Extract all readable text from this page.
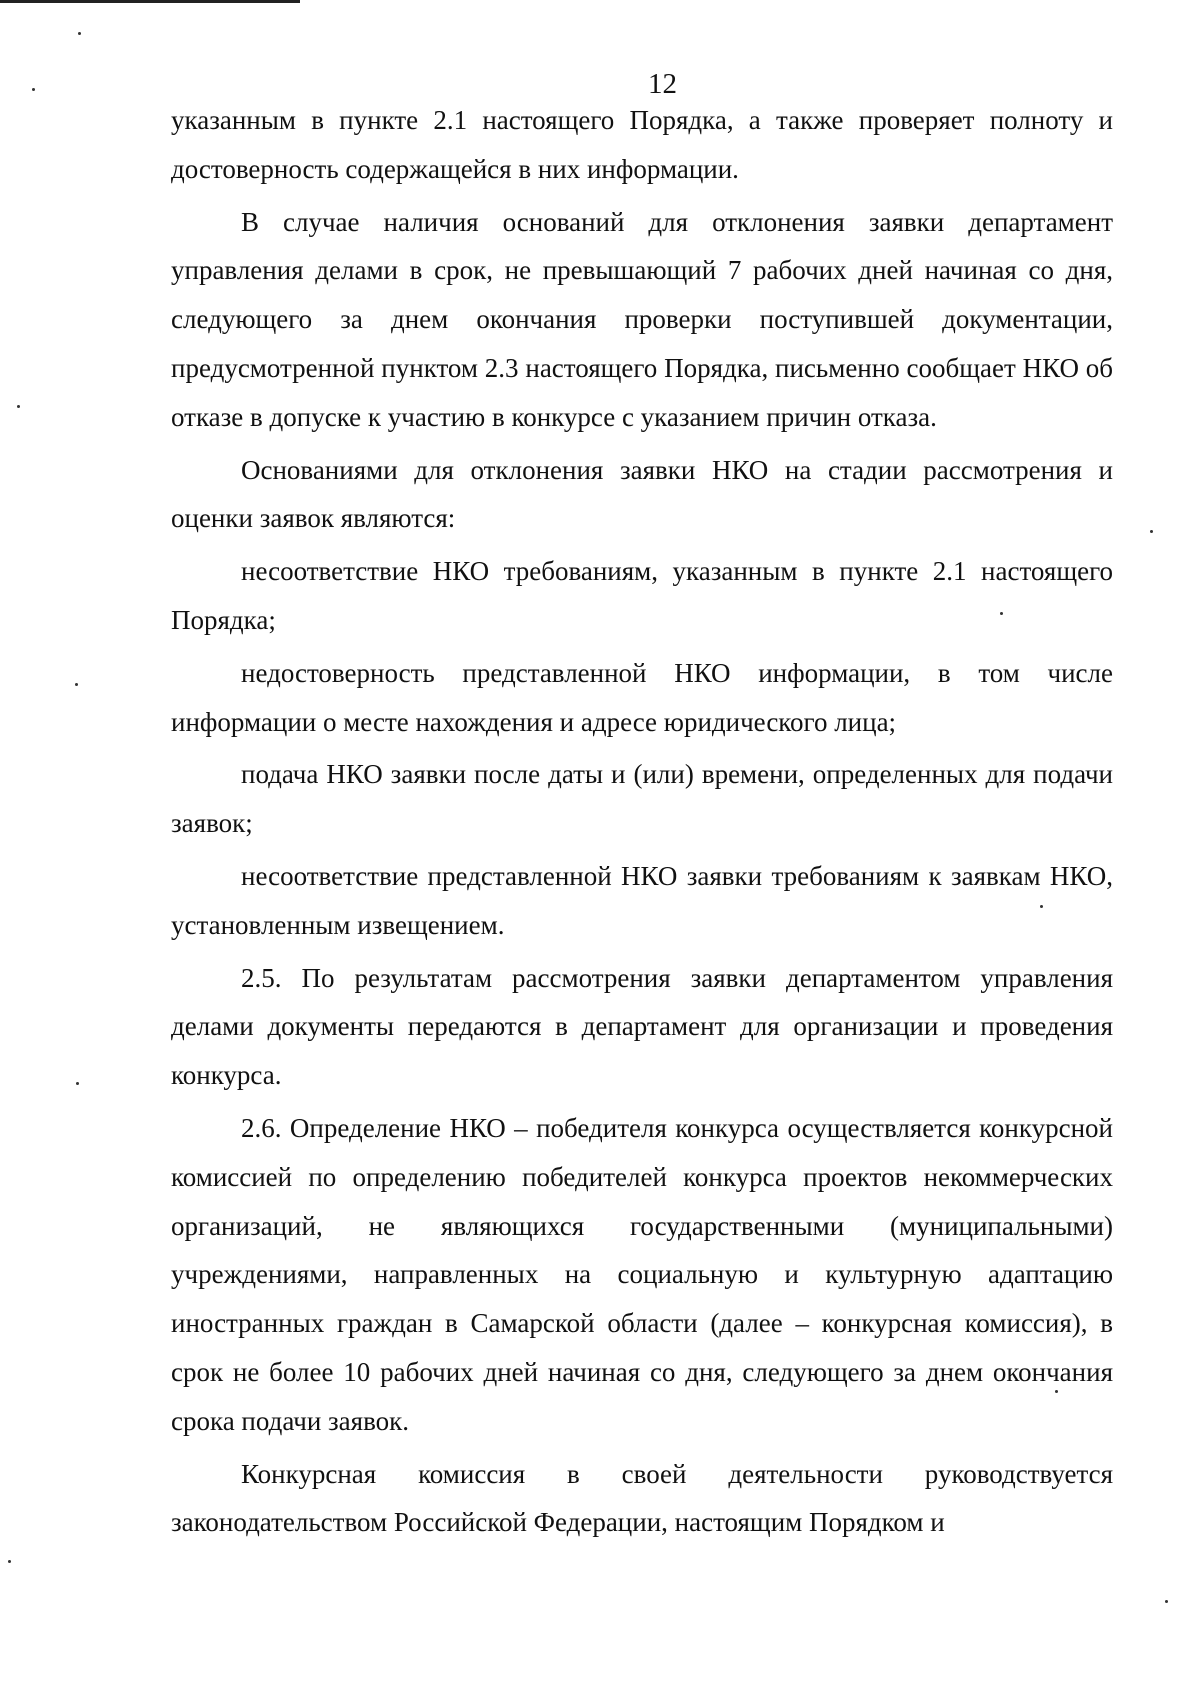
12

указанным в пункте 2.1 настоящего Порядка, а также проверяет полноту и достоверность содержащейся в них информации.

В случае наличия оснований для отклонения заявки департамент управления делами в срок, не превышающий 7 рабочих дней начиная со дня, следующего за днем окончания проверки поступившей документации, предусмотренной пунктом 2.3 настоящего Порядка, письменно сообщает НКО об отказе в допуске к участию в конкурсе с указанием причин отказа.

Основаниями для отклонения заявки НКО на стадии рассмотрения и оценки заявок являются:

несоответствие НКО требованиям, указанным в пункте 2.1 настоящего Порядка;

недостоверность представленной НКО информации, в том числе информации о месте нахождения и адресе юридического лица;

подача НКО заявки после даты и (или) времени, определенных для подачи заявок;

несоответствие представленной НКО заявки требованиям к заявкам НКО, установленным извещением.

2.5. По результатам рассмотрения заявки департаментом управления делами документы передаются в департамент для организации и проведения конкурса.

2.6. Определение НКО – победителя конкурса осуществляется конкурсной комиссией по определению победителей конкурса проектов некоммерческих организаций, не являющихся государственными (муниципальными) учреждениями, направленных на социальную и культурную адаптацию иностранных граждан в Самарской области (далее – конкурсная комиссия), в срок не более 10 рабочих дней начиная со дня, следующего за днем окончания срока подачи заявок.

Конкурсная комиссия в своей деятельности руководствуется законодательством Российской Федерации, настоящим Порядком и
